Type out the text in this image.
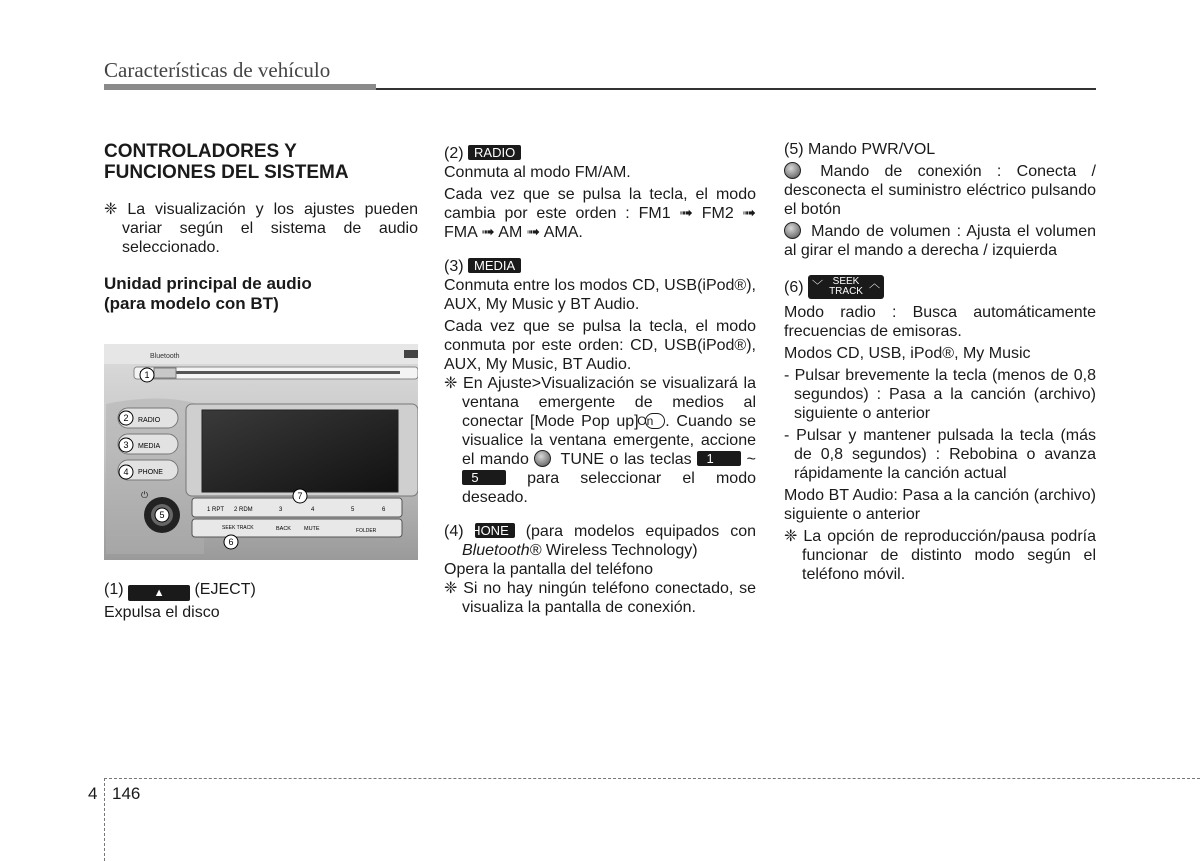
Características de vehículo

CONTROLADORES Y FUNCIONES DEL SISTEMA

❈ La visualización y los ajustes pueden variar según el sistema de audio seleccionado.

Unidad principal de audio (para modelo con BT)

Bluetooth
RADIO
MEDIA
PHONE
⏻
1 RPT 2 RDM	3	4	5	6
SEEK TRACK	BACK MUTE	FOLDER
1
2
3
4
5
6
7

(1)	▲ (EJECT)

Expulsa el disco

(2) RADIO

Conmuta al modo FM/AM.

Cada vez que se pulsa la tecla, el modo cambia por este orden : FM1 ➟ FM2 ➟ FMA ➟ AM ➟ AMA.

(3) MEDIA

Conmuta entre los modos CD, USB(iPod®), AUX, My Music y BT Audio.

Cada vez que se pulsa la tecla, el modo conmuta por este orden: CD, USB(iPod®), AUX, My Music, BT Audio.

❈ En Ajuste>Visualización se visualizará la ventana emergente de medios al conectar [Mode Pop up] On . Cuando se visualice la ventana emergente, accione el mando TUNE o las teclas 1 ~ 5	para seleccionar el modo deseado.

(4) PHONE (para modelos equipados con Bluetooth® Wireless Technology)

Opera la pantalla del teléfono

❈ Si no hay ningún teléfono conectado, se visualiza la pantalla de conexión.

(5) Mando PWR/VOL

Mando de conexión : Conecta / desconecta el suministro eléctrico pulsando el botón

Mando de volumen : Ajusta el volumen al girar el mando a derecha / izquierda

(6) ﹀ SEEK
TRACK
︿

Modo radio : Busca automáticamente frecuencias de emisoras.

Modos CD, USB, iPod®, My Music

- Pulsar brevemente la tecla (menos de 0,8 segundos) : Pasa a la canción (archivo) siguiente o anterior

- Pulsar y mantener pulsada la tecla (más de 0,8 segundos) : Rebobina o avanza rápidamente la canción actual

Modo BT Audio: Pasa a la canción (archivo) siguiente o anterior

❈ La opción de reproducción/pausa podría funcionar de distinto modo según el teléfono móvil.

4 146
